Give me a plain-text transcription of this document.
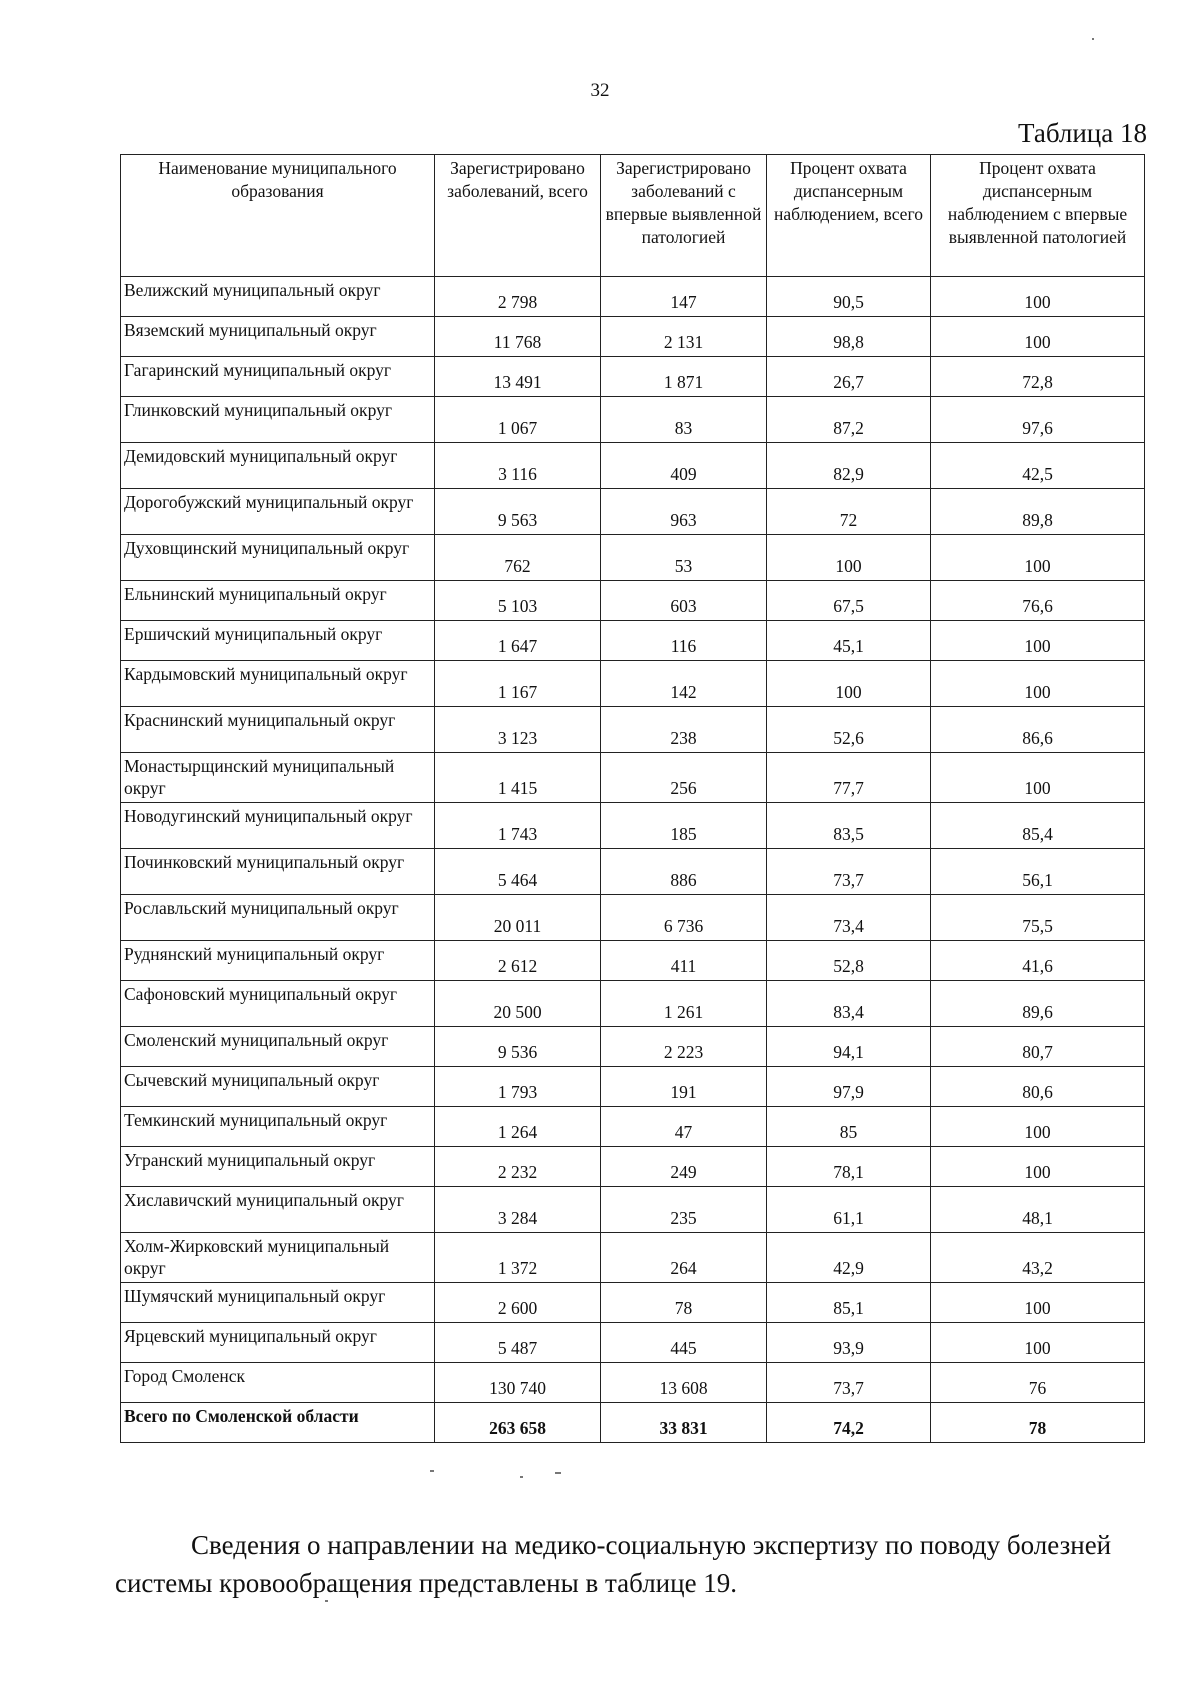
32
Таблица 18
Наименование муниципального образования	Зарегистрировано заболеваний, всего	Зарегистрировано заболеваний с впервые выявленной патологией	Процент охвата диспансерным наблюдением, всего	Процент охвата диспансерным наблюдением с впервые выявленной патологией
Велижский муниципальный округ	2 798	147	90,5	100
Вяземский муниципальный округ	11 768	2 131	98,8	100
Гагаринский муниципальный округ	13 491	1 871	26,7	72,8
Глинковский муниципальный округ	1 067	83	87,2	97,6
Демидовский муниципальный округ	3 116	409	82,9	42,5
Дорогобужский муниципальный округ	9 563	963	72	89,8
Духовщинский муниципальный округ	762	53	100	100
Ельнинский муниципальный округ	5 103	603	67,5	76,6
Ершичский муниципальный округ	1 647	116	45,1	100
Кардымовский муниципальный округ	1 167	142	100	100
Краснинский муниципальный округ	3 123	238	52,6	86,6
Монастырщинский муниципальный округ	1 415	256	77,7	100
Новодугинский муниципальный округ	1 743	185	83,5	85,4
Починковский муниципальный округ	5 464	886	73,7	56,1
Рославльский муниципальный округ	20 011	6 736	73,4	75,5
Руднянский муниципальный округ	2 612	411	52,8	41,6
Сафоновский муниципальный округ	20 500	1 261	83,4	89,6
Смоленский муниципальный округ	9 536	2 223	94,1	80,7
Сычевский муниципальный округ	1 793	191	97,9	80,6
Темкинский муниципальный округ	1 264	47	85	100
Угранский муниципальный округ	2 232	249	78,1	100
Хиславичский муниципальный округ	3 284	235	61,1	48,1
Холм-Жирковский муниципальный округ	1 372	264	42,9	43,2
Шумячский муниципальный округ	2 600	78	85,1	100
Ярцевский муниципальный округ	5 487	445	93,9	100
Город Смоленск	130 740	13 608	73,7	76
Всего по Смоленской области	263 658	33 831	74,2	78

Сведения о направлении на медико-социальную экспертизу по поводу болезней системы кровообращения представлены в таблице 19.
